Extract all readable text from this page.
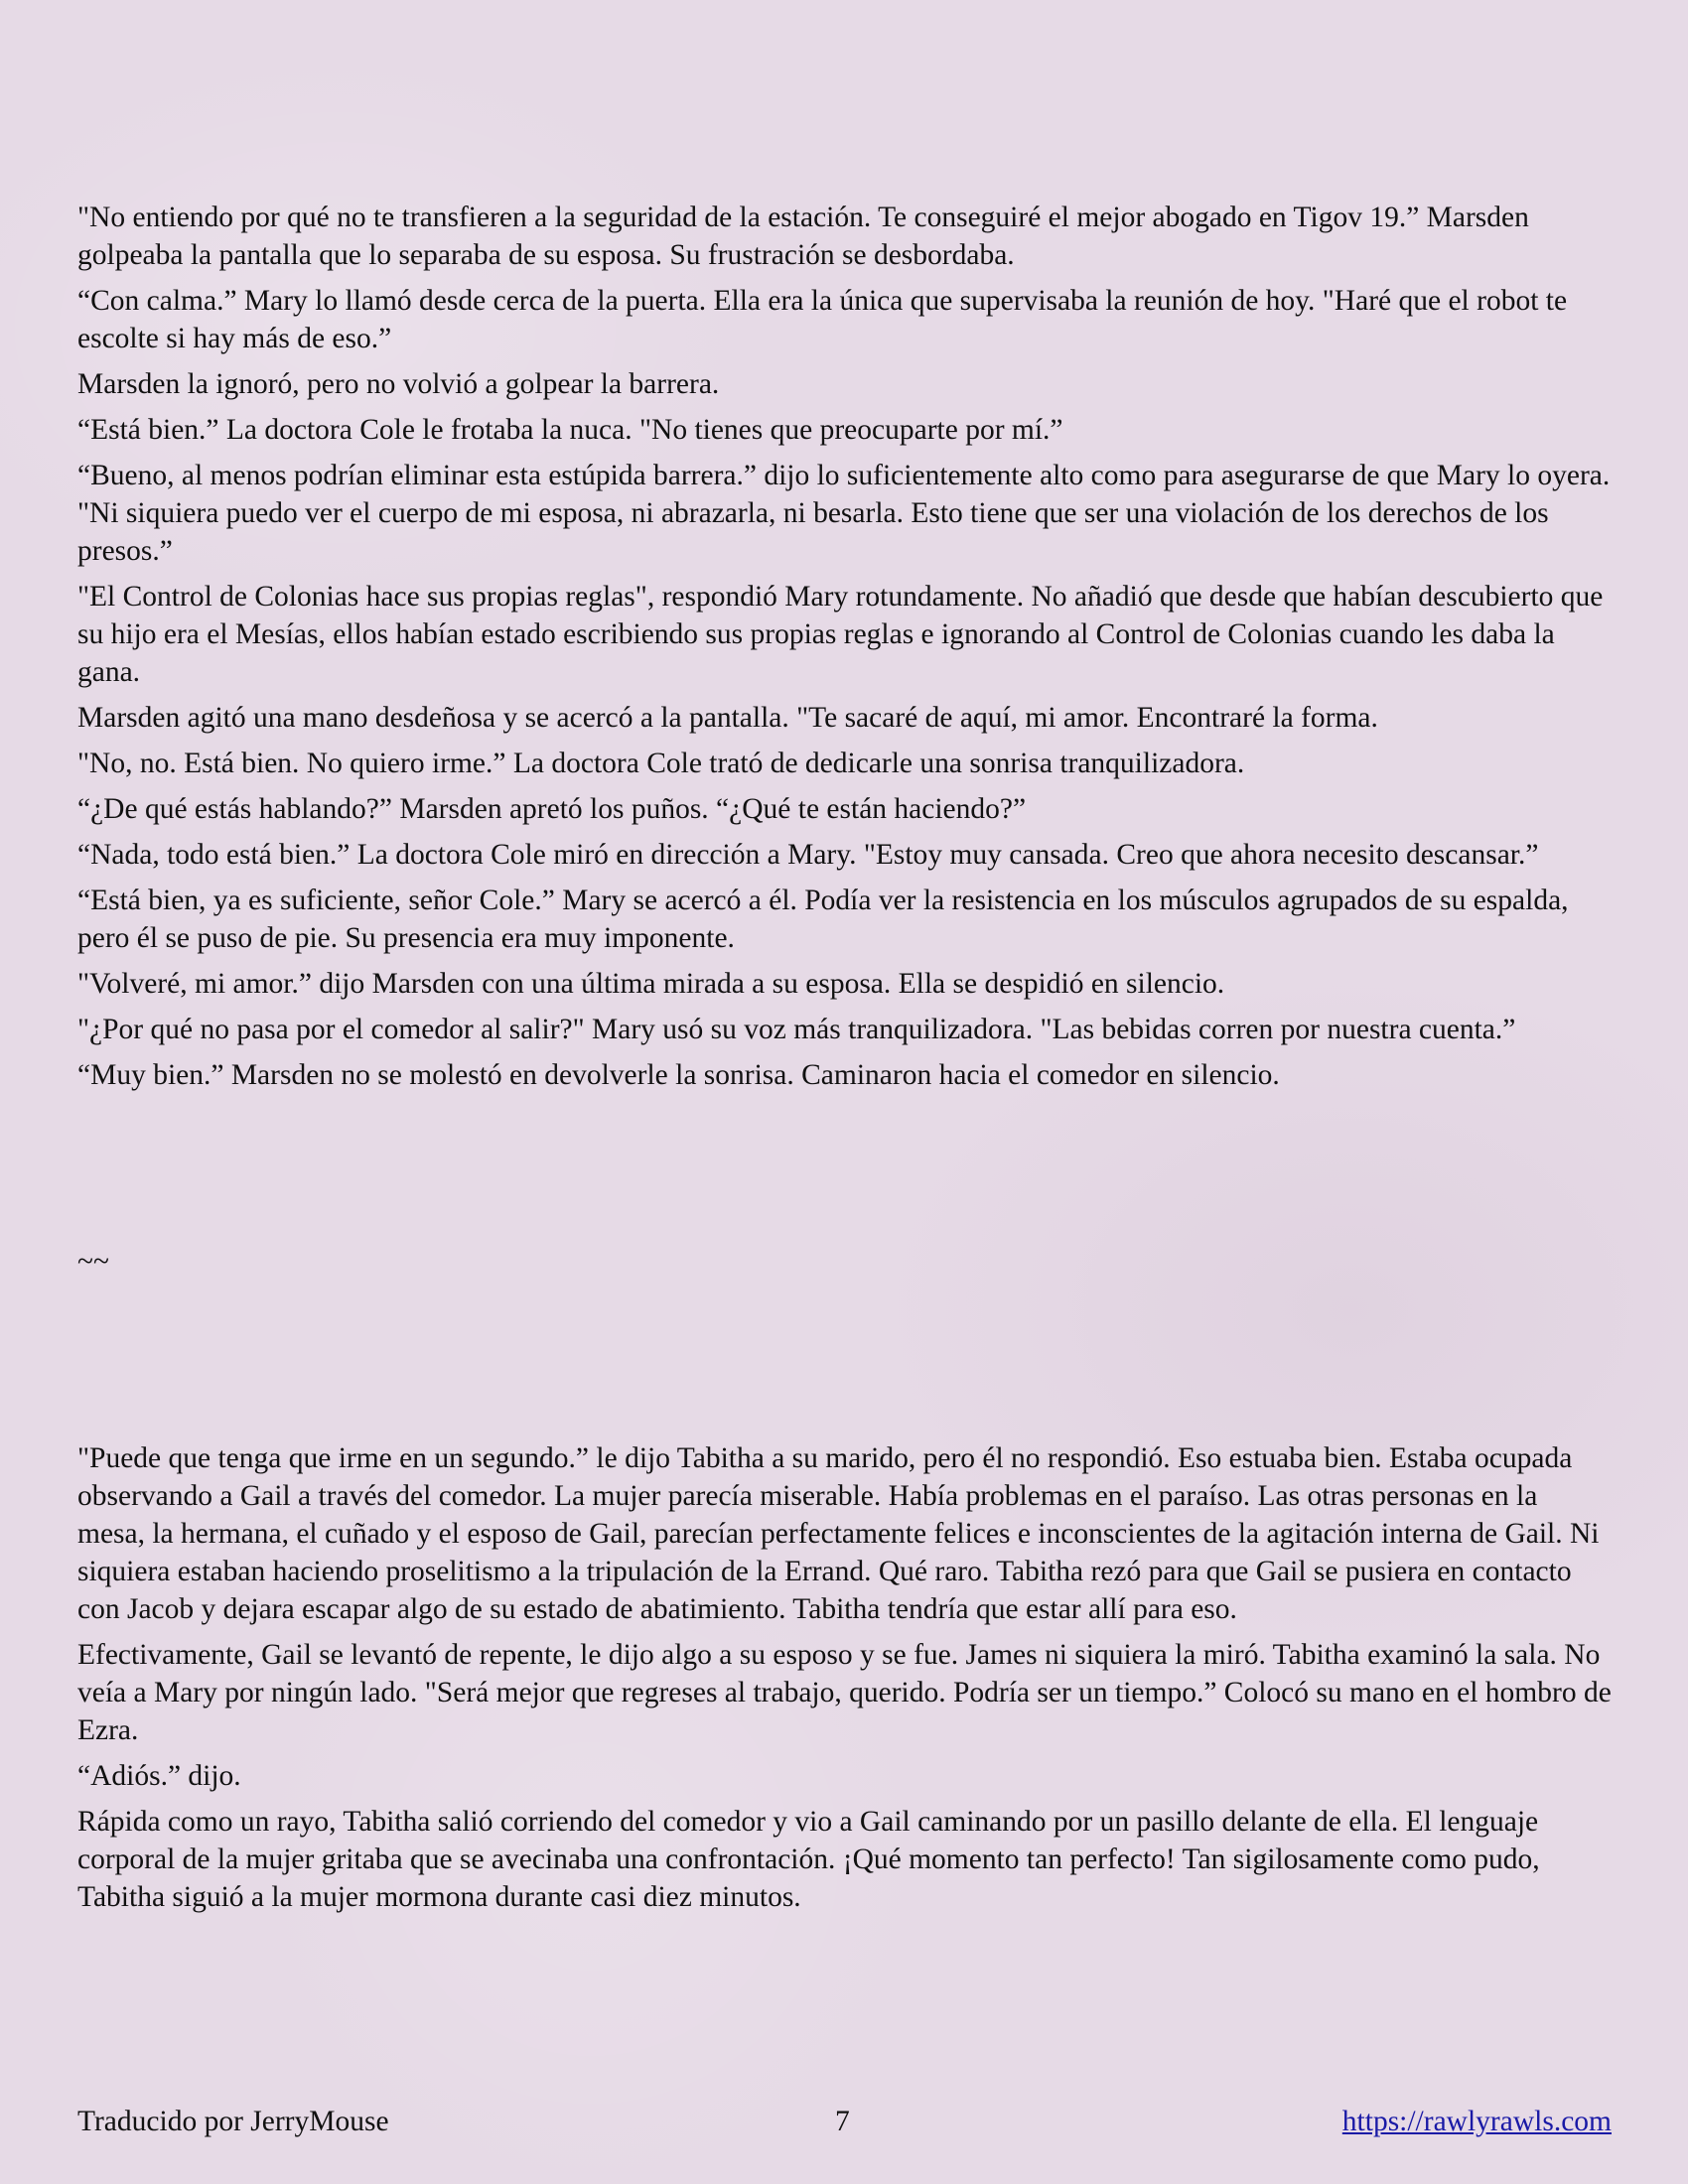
"No entiendo por qué no te transfieren a la seguridad de la estación. Te conseguiré el mejor abogado en Tigov 19.” Marsden golpeaba la pantalla que lo separaba de su esposa. Su frustración se desbordaba.

“Con calma.” Mary lo llamó desde cerca de la puerta. Ella era la única que supervisaba la reunión de hoy. "Haré que el robot te escolte si hay más de eso.”

Marsden la ignoró, pero no volvió a golpear la barrera.

“Está bien.” La doctora Cole le frotaba la nuca. "No tienes que preocuparte por mí.”

“Bueno, al menos podrían eliminar esta estúpida barrera.” dijo lo suficientemente alto como para asegurarse de que Mary lo oyera. "Ni siquiera puedo ver el cuerpo de mi esposa, ni abrazarla, ni besarla. Esto tiene que ser una violación de los derechos de los presos.”

"El Control de Colonias hace sus propias reglas", respondió Mary rotundamente. No añadió que desde que habían descubierto que su hijo era el Mesías, ellos habían estado escribiendo sus propias reglas e ignorando al Control de Colonias cuando les daba la gana.

Marsden agitó una mano desdeñosa y se acercó a la pantalla. "Te sacaré de aquí, mi amor. Encontraré la forma.

"No, no. Está bien. No quiero irme.” La doctora Cole trató de dedicarle una sonrisa tranquilizadora.

“¿De qué estás hablando?” Marsden apretó los puños. “¿Qué te están haciendo?”

“Nada, todo está bien.” La doctora Cole miró en dirección a Mary. "Estoy muy cansada. Creo que ahora necesito descansar.”

“Está bien, ya es suficiente, señor Cole.” Mary se acercó a él. Podía ver la resistencia en los músculos agrupados de su espalda, pero él se puso de pie. Su presencia era muy imponente.

"Volveré, mi amor.” dijo Marsden con una última mirada a su esposa. Ella se despidió en silencio.

"¿Por qué no pasa por el comedor al salir?" Mary usó su voz más tranquilizadora. "Las bebidas corren por nuestra cuenta.”

“Muy bien.” Marsden no se molestó en devolverle la sonrisa. Caminaron hacia el comedor en silencio.

~~

"Puede que tenga que irme en un segundo.” le dijo Tabitha a su marido, pero él no respondió. Eso estuaba bien. Estaba ocupada observando a Gail a través del comedor. La mujer parecía miserable. Había problemas en el paraíso. Las otras personas en la mesa, la hermana, el cuñado y el esposo de Gail, parecían perfectamente felices e inconscientes de la agitación interna de Gail. Ni siquiera estaban haciendo proselitismo a la tripulación de la Errand. Qué raro. Tabitha rezó para que Gail se pusiera en contacto con Jacob y dejara escapar algo de su estado de abatimiento. Tabitha tendría que estar allí para eso.

Efectivamente, Gail se levantó de repente, le dijo algo a su esposo y se fue. James ni siquiera la miró. Tabitha examinó la sala. No veía a Mary por ningún lado. "Será mejor que regreses al trabajo, querido. Podría ser un tiempo.” Colocó su mano en el hombro de Ezra.

“Adiós.” dijo.

Rápida como un rayo, Tabitha salió corriendo del comedor y vio a Gail caminando por un pasillo delante de ella. El lenguaje corporal de la mujer gritaba que se avecinaba una confrontación. ¡Qué momento tan perfecto! Tan sigilosamente como pudo, Tabitha siguió a la mujer mormona durante casi diez minutos.

Traducido por JerryMouse	7	https://rawlyrawls.com
